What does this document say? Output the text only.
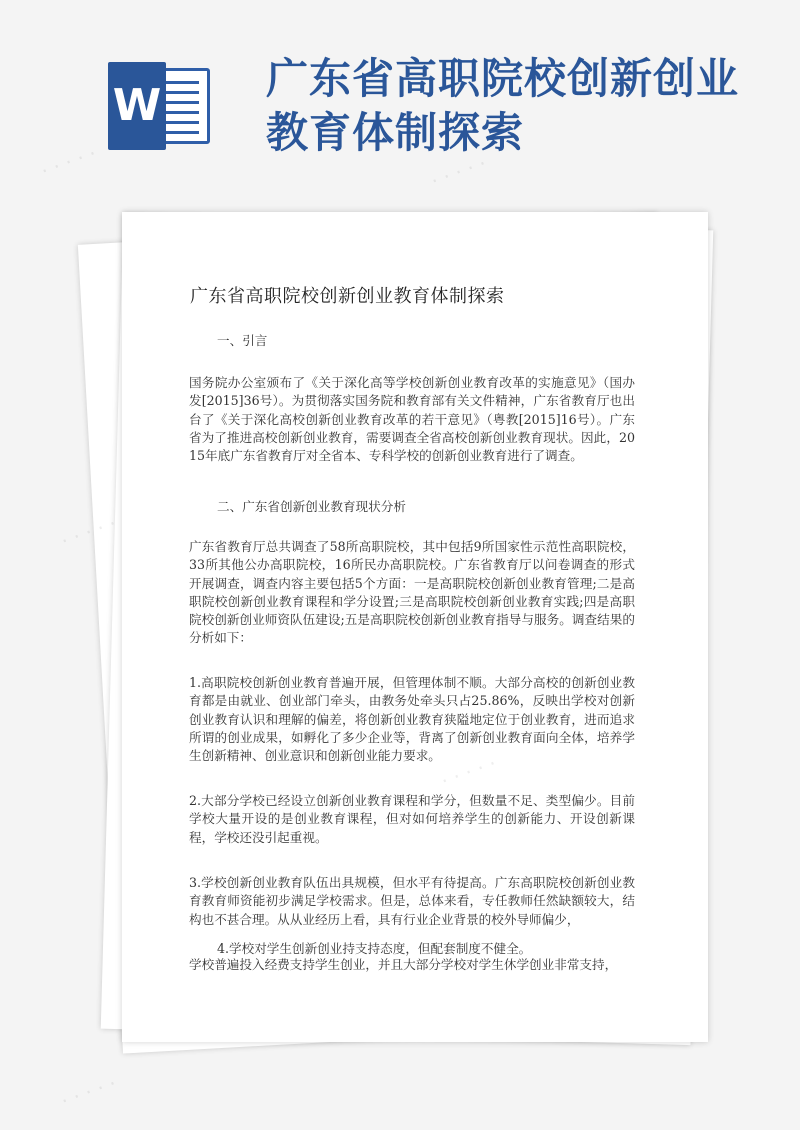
W
广东省高职院校创新创业教育体制探索
广东省高职院校创新创业教育体制探索
一、引言
国务院办公室颁布了《关于深化高等学校创新创业教育改革的实施意见》（国办发[2015]36号）。为贯彻落实国务院和教育部有关文件精神，广东省教育厅也出台了《关于深化高校创新创业教育改革的若干意见》（粤教[2015]16号）。广东省为了推进高校创新创业教育，需要调查全省高校创新创业教育现状。因此，2015年底广东省教育厅对全省本、专科学校的创新创业教育进行了调查。
二、广东省创新创业教育现状分析
广东省教育厅总共调查了58所高职院校，其中包括9所国家性示范性高职院校，33所其他公办高职院校，16所民办高职院校。广东省教育厅以问卷调查的形式开展调查，调查内容主要包括5个方面：一是高职院校创新创业教育管理;二是高职院校创新创业教育课程和学分设置;三是高职院校创新创业教育实践;四是高职院校创新创业师资队伍建设;五是高职院校创新创业教育指导与服务。调查结果的分析如下：
1.高职院校创新创业教育普遍开展，但管理体制不顺。大部分高校的创新创业教育都是由就业、创业部门牵头，由教务处牵头只占25.86%，反映出学校对创新创业教育认识和理解的偏差，将创新创业教育狭隘地定位于创业教育，进而追求所谓的创业成果，如孵化了多少企业等，背离了创新创业教育面向全体，培养学生创新精神、创业意识和创新创业能力要求。
2.大部分学校已经设立创新创业教育课程和学分，但数量不足、类型偏少。目前学校大量开设的是创业教育课程，但对如何培养学生的创新能力、开设创新课程，学校还没引起重视。
3.学校创新创业教育队伍出具规模，但水平有待提高。广东高职院校创新创业教育教育师资能初步满足学校需求。但是，总体来看，专任教师任然缺额较大，结构也不甚合理。从从业经历上看，具有行业企业背景的校外导师偏少，
4.学校对学生创新创业持支持态度，但配套制度不健全。
学校普遍投入经费支持学生创业，并且大部分学校对学生休学创业非常支持，
· · · · ·	· · · · ·
· · · · ·
· · · · ·
